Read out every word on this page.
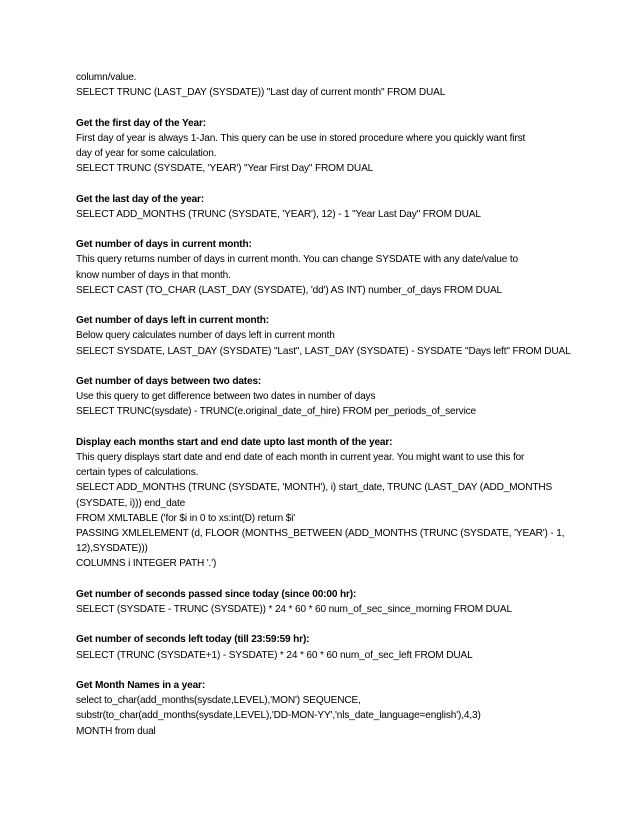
column/value.
SELECT TRUNC (LAST_DAY (SYSDATE)) "Last day of current month" FROM DUAL
Get the first day of the Year:
First day of year is always 1-Jan. This query can be use in stored procedure where you quickly want first
day of year for some calculation.
SELECT TRUNC (SYSDATE, 'YEAR') "Year First Day" FROM DUAL
Get the last day of the year:
SELECT ADD_MONTHS (TRUNC (SYSDATE, 'YEAR'), 12) - 1 "Year Last Day" FROM DUAL
Get number of days in current month:
This query returns number of days in current month. You can change SYSDATE with any date/value to
know number of days in that month.
SELECT CAST (TO_CHAR (LAST_DAY (SYSDATE), 'dd') AS INT) number_of_days FROM DUAL
Get number of days left in current month:
Below query calculates number of days left in current month
SELECT SYSDATE, LAST_DAY (SYSDATE) "Last", LAST_DAY (SYSDATE) - SYSDATE "Days left" FROM DUAL
Get number of days between two dates:
Use this query to get difference between two dates in number of days
SELECT TRUNC(sysdate) - TRUNC(e.original_date_of_hire) FROM per_periods_of_service
Display each months start and end date upto last month of the year:
This query displays start date and end date of each month in current year. You might want to use this for
certain types of calculations.
SELECT ADD_MONTHS (TRUNC (SYSDATE, 'MONTH'), i) start_date, TRUNC (LAST_DAY (ADD_MONTHS
(SYSDATE, i))) end_date
FROM XMLTABLE ('for $i in 0 to xs:int(D) return $i'
PASSING XMLELEMENT (d, FLOOR (MONTHS_BETWEEN (ADD_MONTHS (TRUNC (SYSDATE, 'YEAR') - 1,
12),SYSDATE)))
COLUMNS i INTEGER PATH '.')
Get number of seconds passed since today (since 00:00 hr):
SELECT (SYSDATE - TRUNC (SYSDATE)) * 24 * 60 * 60 num_of_sec_since_morning FROM DUAL
Get number of seconds left today (till 23:59:59 hr):
SELECT (TRUNC (SYSDATE+1) - SYSDATE) * 24 * 60 * 60 num_of_sec_left FROM DUAL
Get Month Names in a year:
select to_char(add_months(sysdate,LEVEL),'MON') SEQUENCE,
substr(to_char(add_months(sysdate,LEVEL),'DD-MON-YY','nls_date_language=english'),4,3)
MONTH from dual
